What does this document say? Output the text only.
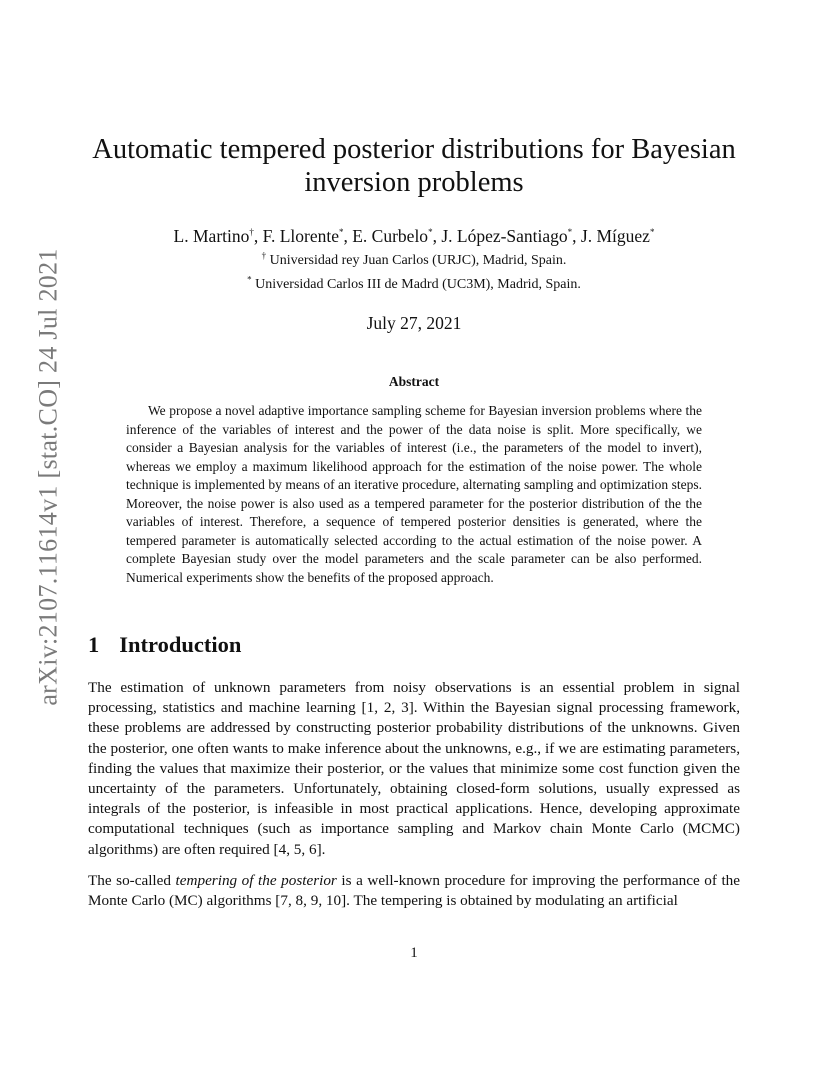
arXiv:2107.11614v1 [stat.CO] 24 Jul 2021
Automatic tempered posterior distributions for Bayesian inversion problems
L. Martino†, F. Llorente*, E. Curbelo*, J. López-Santiago*, J. Míguez*
† Universidad rey Juan Carlos (URJC), Madrid, Spain.
* Universidad Carlos III de Madrd (UC3M), Madrid, Spain.
July 27, 2021
Abstract
We propose a novel adaptive importance sampling scheme for Bayesian inversion problems where the inference of the variables of interest and the power of the data noise is split. More specifically, we consider a Bayesian analysis for the variables of interest (i.e., the parameters of the model to invert), whereas we employ a maximum likelihood approach for the estimation of the noise power. The whole technique is implemented by means of an iterative procedure, alternating sampling and optimization steps. Moreover, the noise power is also used as a tempered parameter for the posterior distribution of the the variables of interest. Therefore, a sequence of tempered posterior densities is generated, where the tempered parameter is automatically selected according to the actual estimation of the noise power. A complete Bayesian study over the model parameters and the scale parameter can be also performed. Numerical experiments show the benefits of the proposed approach.
1 Introduction
The estimation of unknown parameters from noisy observations is an essential problem in signal processing, statistics and machine learning [1, 2, 3]. Within the Bayesian signal processing framework, these problems are addressed by constructing posterior probability distributions of the unknowns. Given the posterior, one often wants to make inference about the unknowns, e.g., if we are estimating parameters, finding the values that maximize their posterior, or the values that minimize some cost function given the uncertainty of the parameters. Unfortunately, obtaining closed-form solutions, usually expressed as integrals of the posterior, is infeasible in most practical applications. Hence, developing approximate computational techniques (such as importance sampling and Markov chain Monte Carlo (MCMC) algorithms) are often required [4, 5, 6].
The so-called tempering of the posterior is a well-known procedure for improving the performance of the Monte Carlo (MC) algorithms [7, 8, 9, 10]. The tempering is obtained by modulating an artificial
1
